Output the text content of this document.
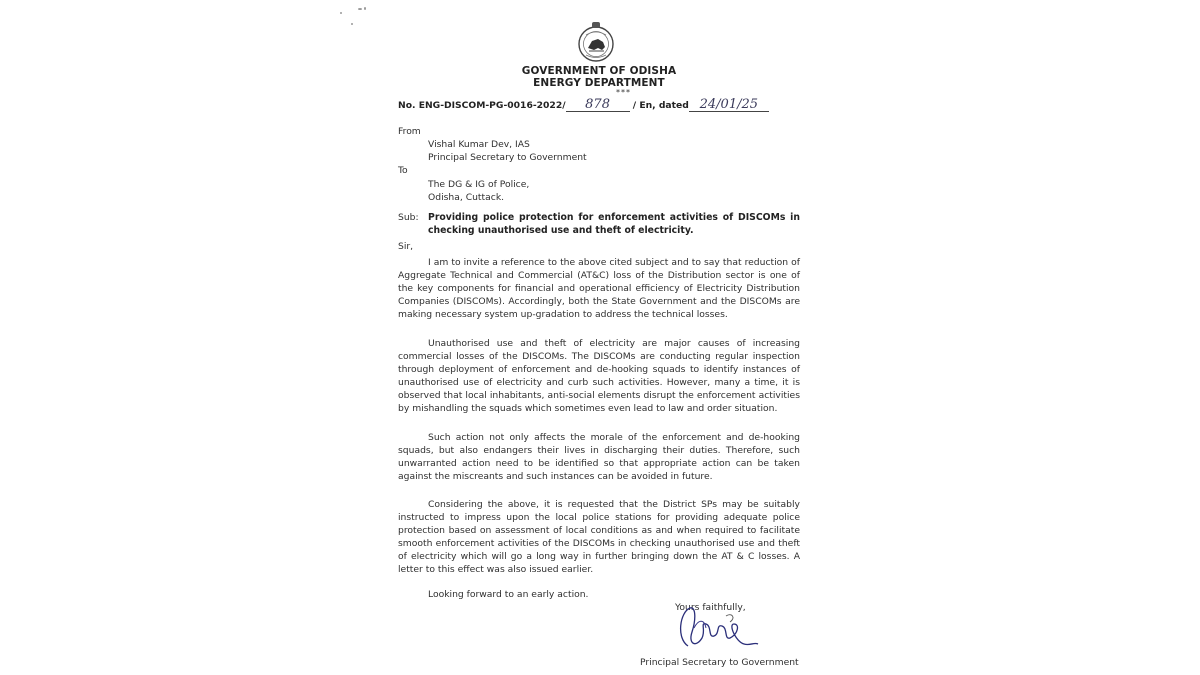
GOVERNMENT OF ODISHA
ENERGY DEPARTMENT
***
No. ENG-DISCOM-PG-0016-2022/ 878 / En, dated 24/01/25
From
Vishal Kumar Dev, IAS
Principal Secretary to Government
To
The DG & IG of Police,
Odisha, Cuttack.
Sub: Providing police protection for enforcement activities of DISCOMs in checking unauthorised use and theft of electricity.
Sir,
I am to invite a reference to the above cited subject and to say that reduction of Aggregate Technical and Commercial (AT&C) loss of the Distribution sector is one of the key components for financial and operational efficiency of Electricity Distribution Companies (DISCOMs). Accordingly, both the State Government and the DISCOMs are making necessary system up-gradation to address the technical losses.
Unauthorised use and theft of electricity are major causes of increasing commercial losses of the DISCOMs. The DISCOMs are conducting regular inspection through deployment of enforcement and de-hooking squads to identify instances of unauthorised use of electricity and curb such activities. However, many a time, it is observed that local inhabitants, anti-social elements disrupt the enforcement activities by mishandling the squads which sometimes even lead to law and order situation.
Such action not only affects the morale of the enforcement and de-hooking squads, but also endangers their lives in discharging their duties. Therefore, such unwarranted action need to be identified so that appropriate action can be taken against the miscreants and such instances can be avoided in future.
Considering the above, it is requested that the District SPs may be suitably instructed to impress upon the local police stations for providing adequate police protection based on assessment of local conditions as and when required to facilitate smooth enforcement activities of the DISCOMs in checking unauthorised use and theft of electricity which will go a long way in further bringing down the AT & C losses. A letter to this effect was also issued earlier.
Looking forward to an early action.
Yours faithfully,
Principal Secretary to Government
